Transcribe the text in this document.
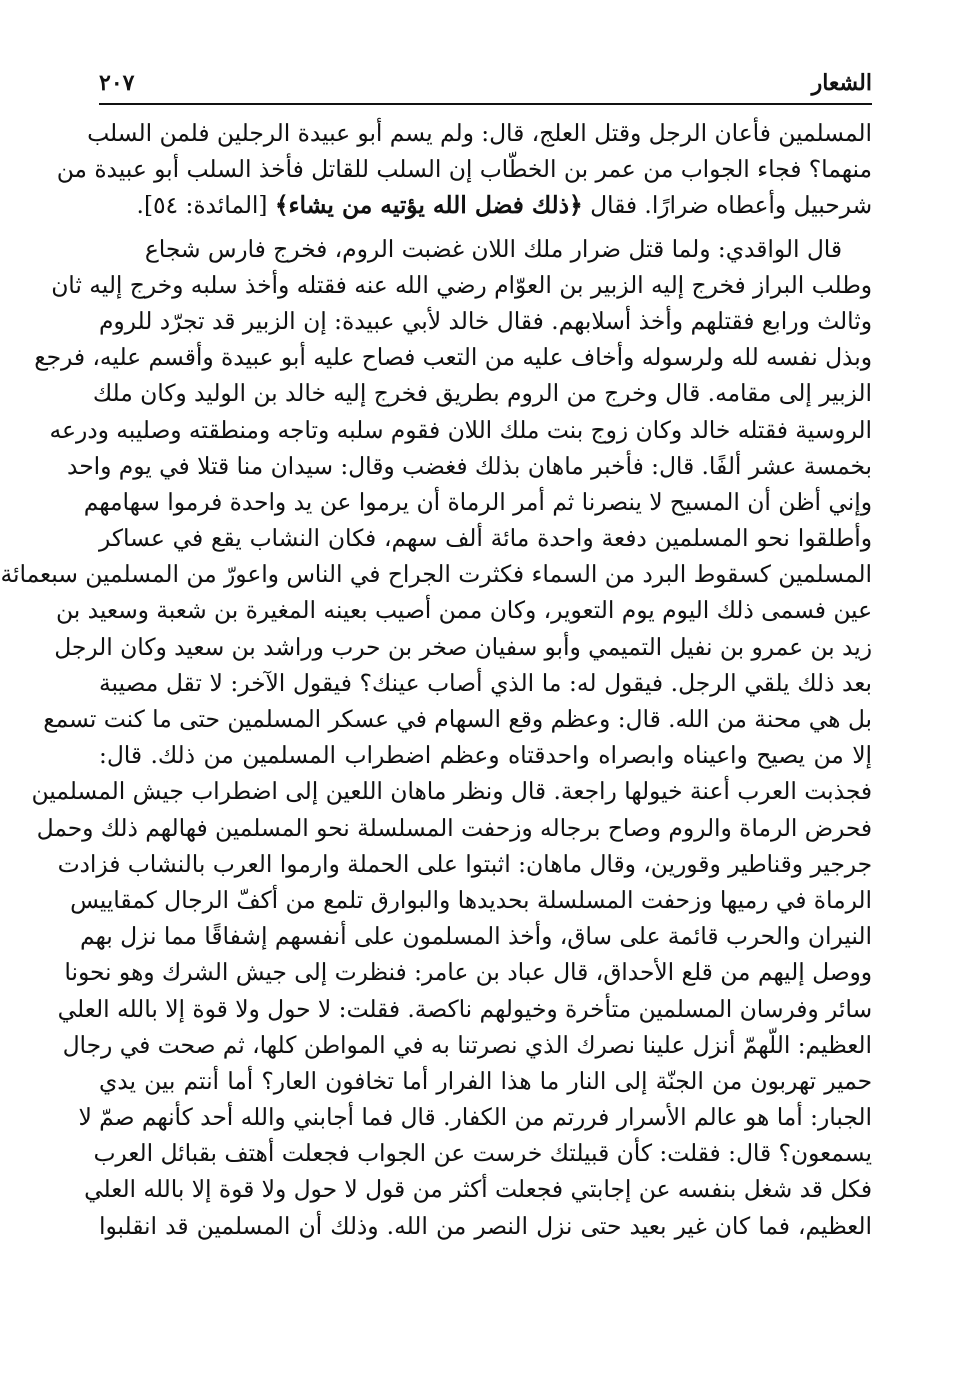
الشعار
٢٠٧
المسلمين فأعان الرجل وقتل العلج، قال: ولم يسم أبو عبيدة الرجلين فلمن السلب
منهما؟ فجاء الجواب من عمر بن الخطّاب إن السلب للقاتل فأخذ السلب أبو عبيدة من
شرحبيل وأعطاه ضرارًا. فقال ﴿ذلك فضل الله يؤتيه من يشاء﴾ [المائدة: ٥٤].
قال الواقدي: ولما قتل ضرار ملك اللان غضبت الروم، فخرج فارس شجاع
وطلب البراز فخرج إليه الزبير بن العوّام رضي الله عنه فقتله وأخذ سلبه وخرج إليه ثان
وثالث ورابع فقتلهم وأخذ أسلابهم. فقال خالد لأبي عبيدة: إن الزبير قد تجرّد للروم
وبذل نفسه لله ولرسوله وأخاف عليه من التعب فصاح عليه أبو عبيدة وأقسم عليه، فرجع
الزبير إلى مقامه. قال وخرج من الروم بطريق فخرج إليه خالد بن الوليد وكان ملك
الروسية فقتله خالد وكان زوج بنت ملك اللان فقوم سلبه وتاجه ومنطقته وصليبه ودرعه
بخمسة عشر ألفًا. قال: فأخبر ماهان بذلك فغضب وقال: سيدان منا قتلا في يوم واحد
وإني أظن أن المسيح لا ينصرنا ثم أمر الرماة أن يرموا عن يد واحدة فرموا سهامهم
وأطلقوا نحو المسلمين دفعة واحدة مائة ألف سهم، فكان النشاب يقع في عساكر
المسلمين كسقوط البرد من السماء فكثرت الجراح في الناس واعورّ من المسلمين سبعمائة
عين فسمى ذلك اليوم يوم التعوير، وكان ممن أصيب بعينه المغيرة بن شعبة وسعيد بن
زيد بن عمرو بن نفيل التميمي وأبو سفيان صخر بن حرب وراشد بن سعيد وكان الرجل
بعد ذلك يلقي الرجل. فيقول له: ما الذي أصاب عينك؟ فيقول الآخر: لا تقل مصيبة
بل هي محنة من الله. قال: وعظم وقع السهام في عسكر المسلمين حتى ما كنت تسمع
إلا من يصيح واعيناه وابصراه واحدقتاه وعظم اضطراب المسلمين من ذلك. قال:
فجذبت العرب أعنة خيولها راجعة. قال ونظر ماهان اللعين إلى اضطراب جيش المسلمين
فحرض الرماة والروم وصاح برجاله وزحفت المسلسلة نحو المسلمين فهالهم ذلك وحمل
جرجير وقناطير وقورين، وقال ماهان: اثبتوا على الحملة وارموا العرب بالنشاب فزادت
الرماة في رميها وزحفت المسلسلة بحديدها والبوارق تلمع من أكفّ الرجال كمقاييس
النيران والحرب قائمة على ساق، وأخذ المسلمون على أنفسهم إشفاقًا مما نزل بهم
ووصل إليهم من قلع الأحداق، قال عباد بن عامر: فنظرت إلى جيش الشرك وهو نحونا
سائر وفرسان المسلمين متأخرة وخيولهم ناكصة. فقلت: لا حول ولا قوة إلا بالله العلي
العظيم: اللّهمّ أنزل علينا نصرك الذي نصرتنا به في المواطن كلها، ثم صحت في رجال
حمير تهربون من الجنّة إلى النار ما هذا الفرار أما تخافون العار؟ أما أنتم بين يدي
الجبار: أما هو عالم الأسرار فررتم من الكفار. قال فما أجابني والله أحد كأنهم صمّ لا
يسمعون؟ قال: فقلت: كأن قبيلتك خرست عن الجواب فجعلت أهتف بقبائل العرب
فكل قد شغل بنفسه عن إجابتي فجعلت أكثر من قول لا حول ولا قوة إلا بالله العلي
العظيم، فما كان غير بعيد حتى نزل النصر من الله. وذلك أن المسلمين قد انقلبوا
